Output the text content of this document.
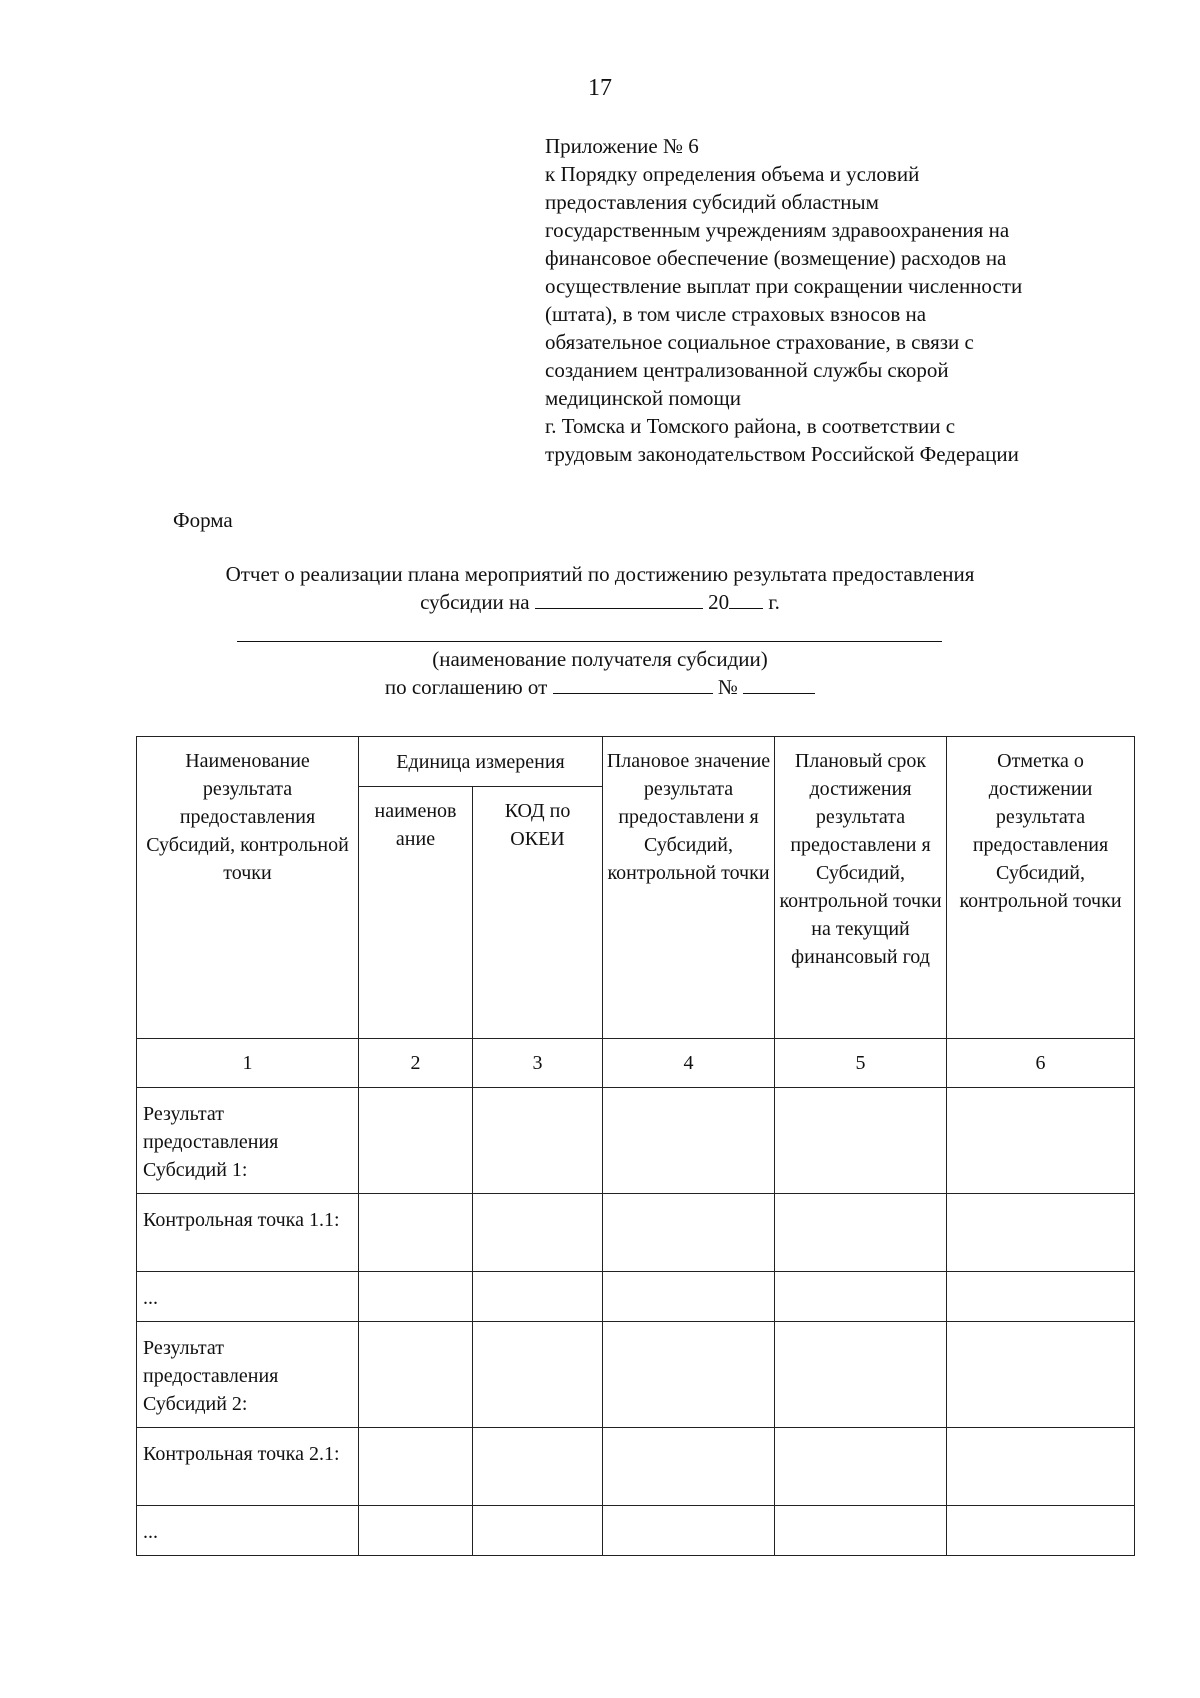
17
Приложение № 6
к Порядку определения объема и условий
предоставления субсидий областным
государственным учреждениям здравоохранения на
финансовое обеспечение (возмещение) расходов на
осуществление выплат при сокращении численности
(штата), в том числе страховых взносов на
обязательное социальное страхование, в связи с
созданием централизованной службы скорой
медицинской помощи
г. Томска и Томского района, в соответствии с
трудовым законодательством Российской Федерации
Форма
Отчет о реализации плана мероприятий по достижению результата предоставления
субсидии на	20 г.
(наименование получателя субсидии)
по соглашению от	№
Наименование результата предоставления Субсидий, контрольной точки	Единица измерения		Плановое значение результата предоставлени я Субсидий, контрольной точки	Плановый срок достижения результата предоставлени я Субсидий, контрольной точки на текущий финансовый год	Отметка о достижении результата предоставления Субсидий, контрольной точки
	наименов ание	КОД по ОКЕИ			
1	2	3	4	5	6
Результат предоставления Субсидий 1:					
Контрольная точка 1.1:					
...					
Результат предоставления Субсидий 2:					
Контрольная точка 2.1:					
...					
